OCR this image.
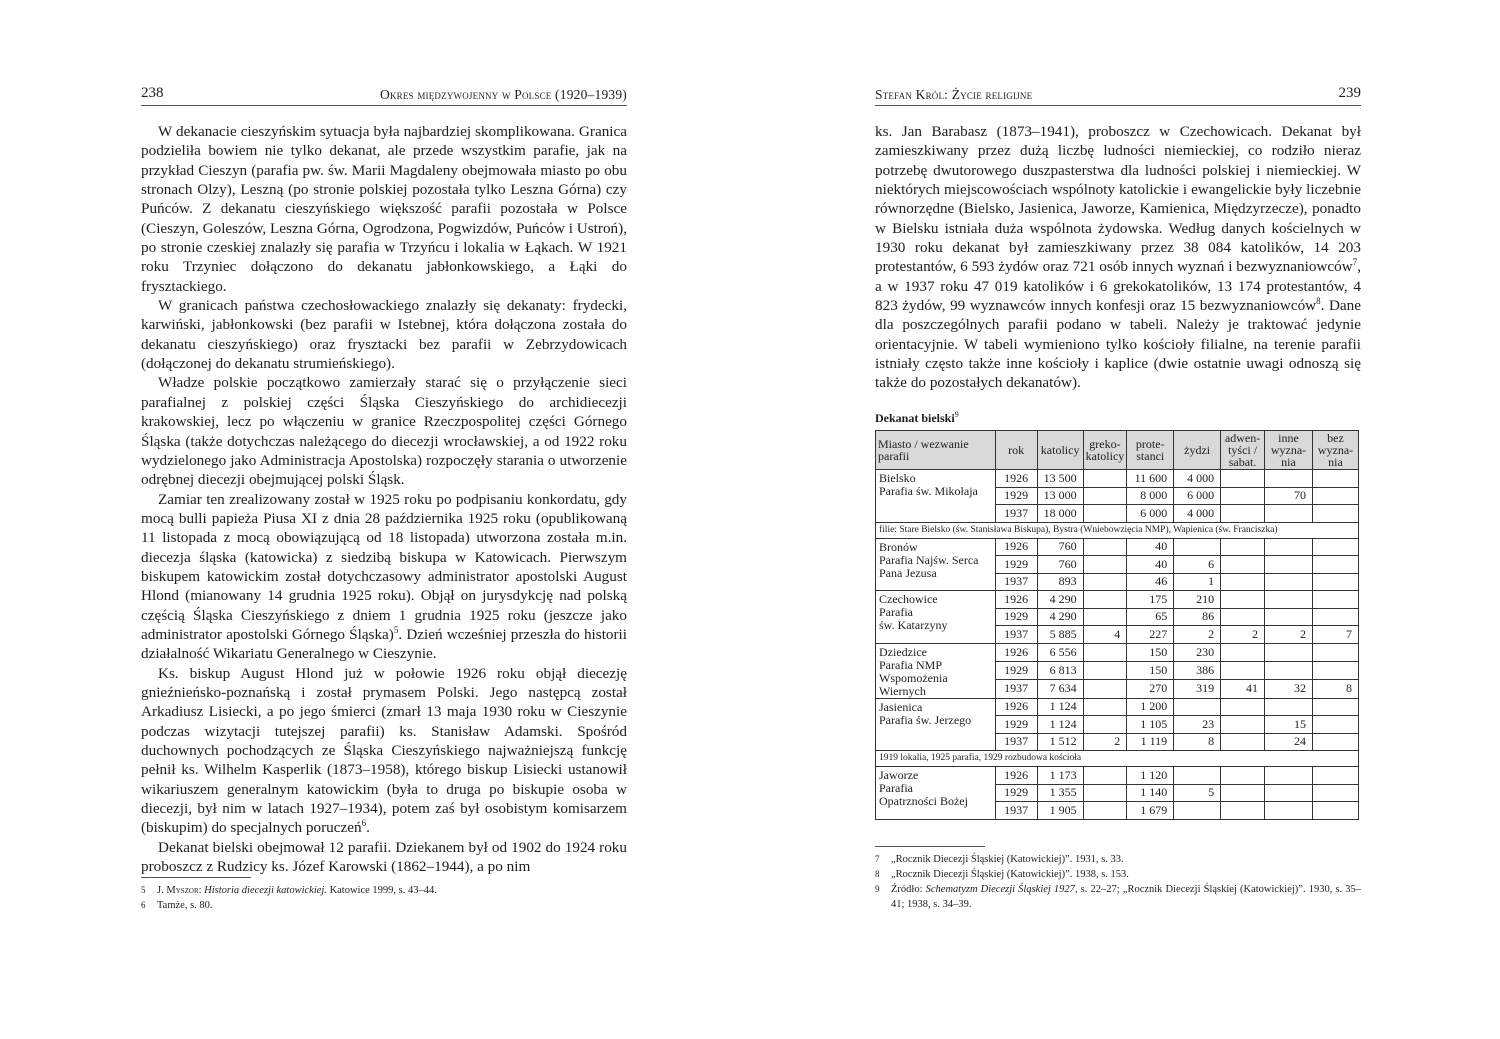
238	Okres międzywojenny w Polsce (1920–1939)

W dekanacie cieszyńskim sytuacja była najbardziej skomplikowana. Granica podzieliła bowiem nie tylko dekanat, ale przede wszystkim parafie, jak na przykład Cieszyn (parafia pw. św. Marii Magdaleny obejmowała miasto po obu stronach Olzy), Leszną (po stronie polskiej pozostała tylko Leszna Górna) czy Puńców. Z dekanatu cieszyńskiego większość parafii pozostała w Polsce (Cieszyn, Goleszów, Leszna Górna, Ogrodzona, Pogwizdów, Puńców i Ustroń), po stronie czeskiej znalazły się parafia w Trzyńcu i lokalia w Łąkach. W 1921 roku Trzyniec dołączono do dekanatu jabłonkowskiego, a Łąki do frysztackiego.

W granicach państwa czechosłowackiego znalazły się dekanaty: frydecki, karwiński, jabłonkowski (bez parafii w Istebnej, która dołączona została do dekanatu cieszyńskiego) oraz frysztacki bez parafii w Zebrzydowicach (dołączonej do dekanatu strumieńskiego).

Władze polskie początkowo zamierzały starać się o przyłączenie sieci parafialnej z polskiej części Śląska Cieszyńskiego do archidiecezji krakowskiej, lecz po włączeniu w granice Rzeczpospolitej części Górnego Śląska (także dotychczas należącego do diecezji wrocławskiej, a od 1922 roku wydzielonego jako Administracja Apostolska) rozpoczęły starania o utworzenie odrębnej diecezji obejmującej polski Śląsk.

Zamiar ten zrealizowany został w 1925 roku po podpisaniu konkordatu, gdy mocą bulli papieża Piusa XI z dnia 28 października 1925 roku (opublikowaną 11 listopada z mocą obowiązującą od 18 listopada) utworzona została m.in. diecezja śląska (katowicka) z siedzibą biskupa w Katowicach. Pierwszym biskupem katowickim został dotychczasowy administrator apostolski August Hlond (mianowany 14 grudnia 1925 roku). Objął on jurysdykcję nad polską częścią Śląska Cieszyńskiego z dniem 1 grudnia 1925 roku (jeszcze jako administrator apostolski Górnego Śląska)$^5$. Dzień wcześniej przeszła do historii działalność Wikariatu Generalnego w Cieszynie.

Ks. biskup August Hlond już w połowie 1926 roku objął diecezję gnieźnieńsko-poznańską i został prymasem Polski. Jego następcą został Arkadiusz Lisiecki, a po jego śmierci (zmarł 13 maja 1930 roku w Cieszynie podczas wizytacji tutejszej parafii) ks. Stanisław Adamski. Spośród duchownych pochodzących ze Śląska Cieszyńskiego najważniejszą funkcję pełnił ks. Wilhelm Kasperlik (1873–1958), którego biskup Lisiecki ustanowił wikariuszem generalnym katowickim (była to druga po biskupie osoba w diecezji, był nim w latach 1927–1934), potem zaś był osobistym komisarzem (biskupim) do specjalnych poruczeń$^6$.

Dekanat bielski obejmował 12 parafii. Dziekanem był od 1902 do 1924 roku proboszcz z Rudzicy ks. Józef Karowski (1862–1944), a po nim

5	J. Myszor: Historia diecezji katowickiej. Katowice 1999, s. 43–44.
6	Tamże, s. 80.
Stefan Król: Życie religijne	239

ks. Jan Barabasz (1873–1941), proboszcz w Czechowicach. Dekanat był zamieszkiwany przez dużą liczbę ludności niemieckiej, co rodziło nieraz potrzebę dwutorowego duszpasterstwa dla ludności polskiej i niemieckiej. W niektórych miejscowościach wspólnoty katolickie i ewangelickie były liczebnie równorzędne (Bielsko, Jasienica, Jaworze, Kamienica, Międzyrzecze), ponadto w Bielsku istniała duża wspólnota żydowska. Według danych kościelnych w 1930 roku dekanat był zamieszkiwany przez 38 084 katolików, 14 203 protestantów, 6 593 żydów oraz 721 osób innych wyznań i bezwyznaniowców$^7$, a w 1937 roku 47 019 katolików i 6 grekokatolików, 13 174 protestantów, 4 823 żydów, 99 wyznawców innych konfesji oraz 15 bezwyznaniowców$^8$. Dane dla poszczególnych parafii podano w tabeli. Należy je traktować jedynie orientacyjnie. W tabeli wymieniono tylko kościoły filialne, na terenie parafii istniały często także inne kościoły i kaplice (dwie ostatnie uwagi odnoszą się także do pozostałych dekanatów).

Dekanat bielski$^9$
Miasto / wezwanie parafii	rok	katolicy	greko-katolicy	prote-stanci	żydzi	adwen-tyści / sabat.	inne wyzna-nia	bez wyzna-nia
Bielsko
Parafia św. Mikołaja	1926	13 500		11 600	4 000			
	1929	13 000		8 000	6 000		70	
	1937	18 000		6 000	4 000			
filie: Stare Bielsko (św. Stanisława Biskupa), Bystra (Wniebowzięcia NMP), Wapienica (św. Franciszka)								
Bronów
Parafia Najśw. Serca Pana Jezusa	1926	760		40				
	1929	760		40	6			
	1937	893		46	1			
Czechowice
Parafia
św. Katarzyny	1926	4 290		175	210			
	1929	4 290		65	86			
	1937	5 885	4	227	2	2	2	7
Dziedzice
Parafia NMP Wspomożenia Wiernych	1926	6 556		150	230			
	1929	6 813		150	386			
	1937	7 634		270	319	41	32	8
Jasienica
Parafia św. Jerzego	1926	1 124		1 200				
	1929	1 124		1 105	23		15	
	1937	1 512	2	1 119	8		24	
1919 lokalia, 1925 parafia, 1929 rozbudowa kościoła								
Jaworze
Parafia
Opatrzności Bożej	1926	1 173		1 120				
	1929	1 355		1 140	5			
	1937	1 905		1 679				
7	„Rocznik Diecezji Śląskiej (Katowickiej)”. 1931, s. 33.
8	„Rocznik Diecezji Śląskiej (Katowickiej)”. 1938, s. 153.
9	Źródło: Schematyzm Diecezji Śląskiej 1927, s. 22–27; „Rocznik Diecezji Śląskiej (Katowickiej)”. 1930, s. 35–41; 1938, s. 34–39.
